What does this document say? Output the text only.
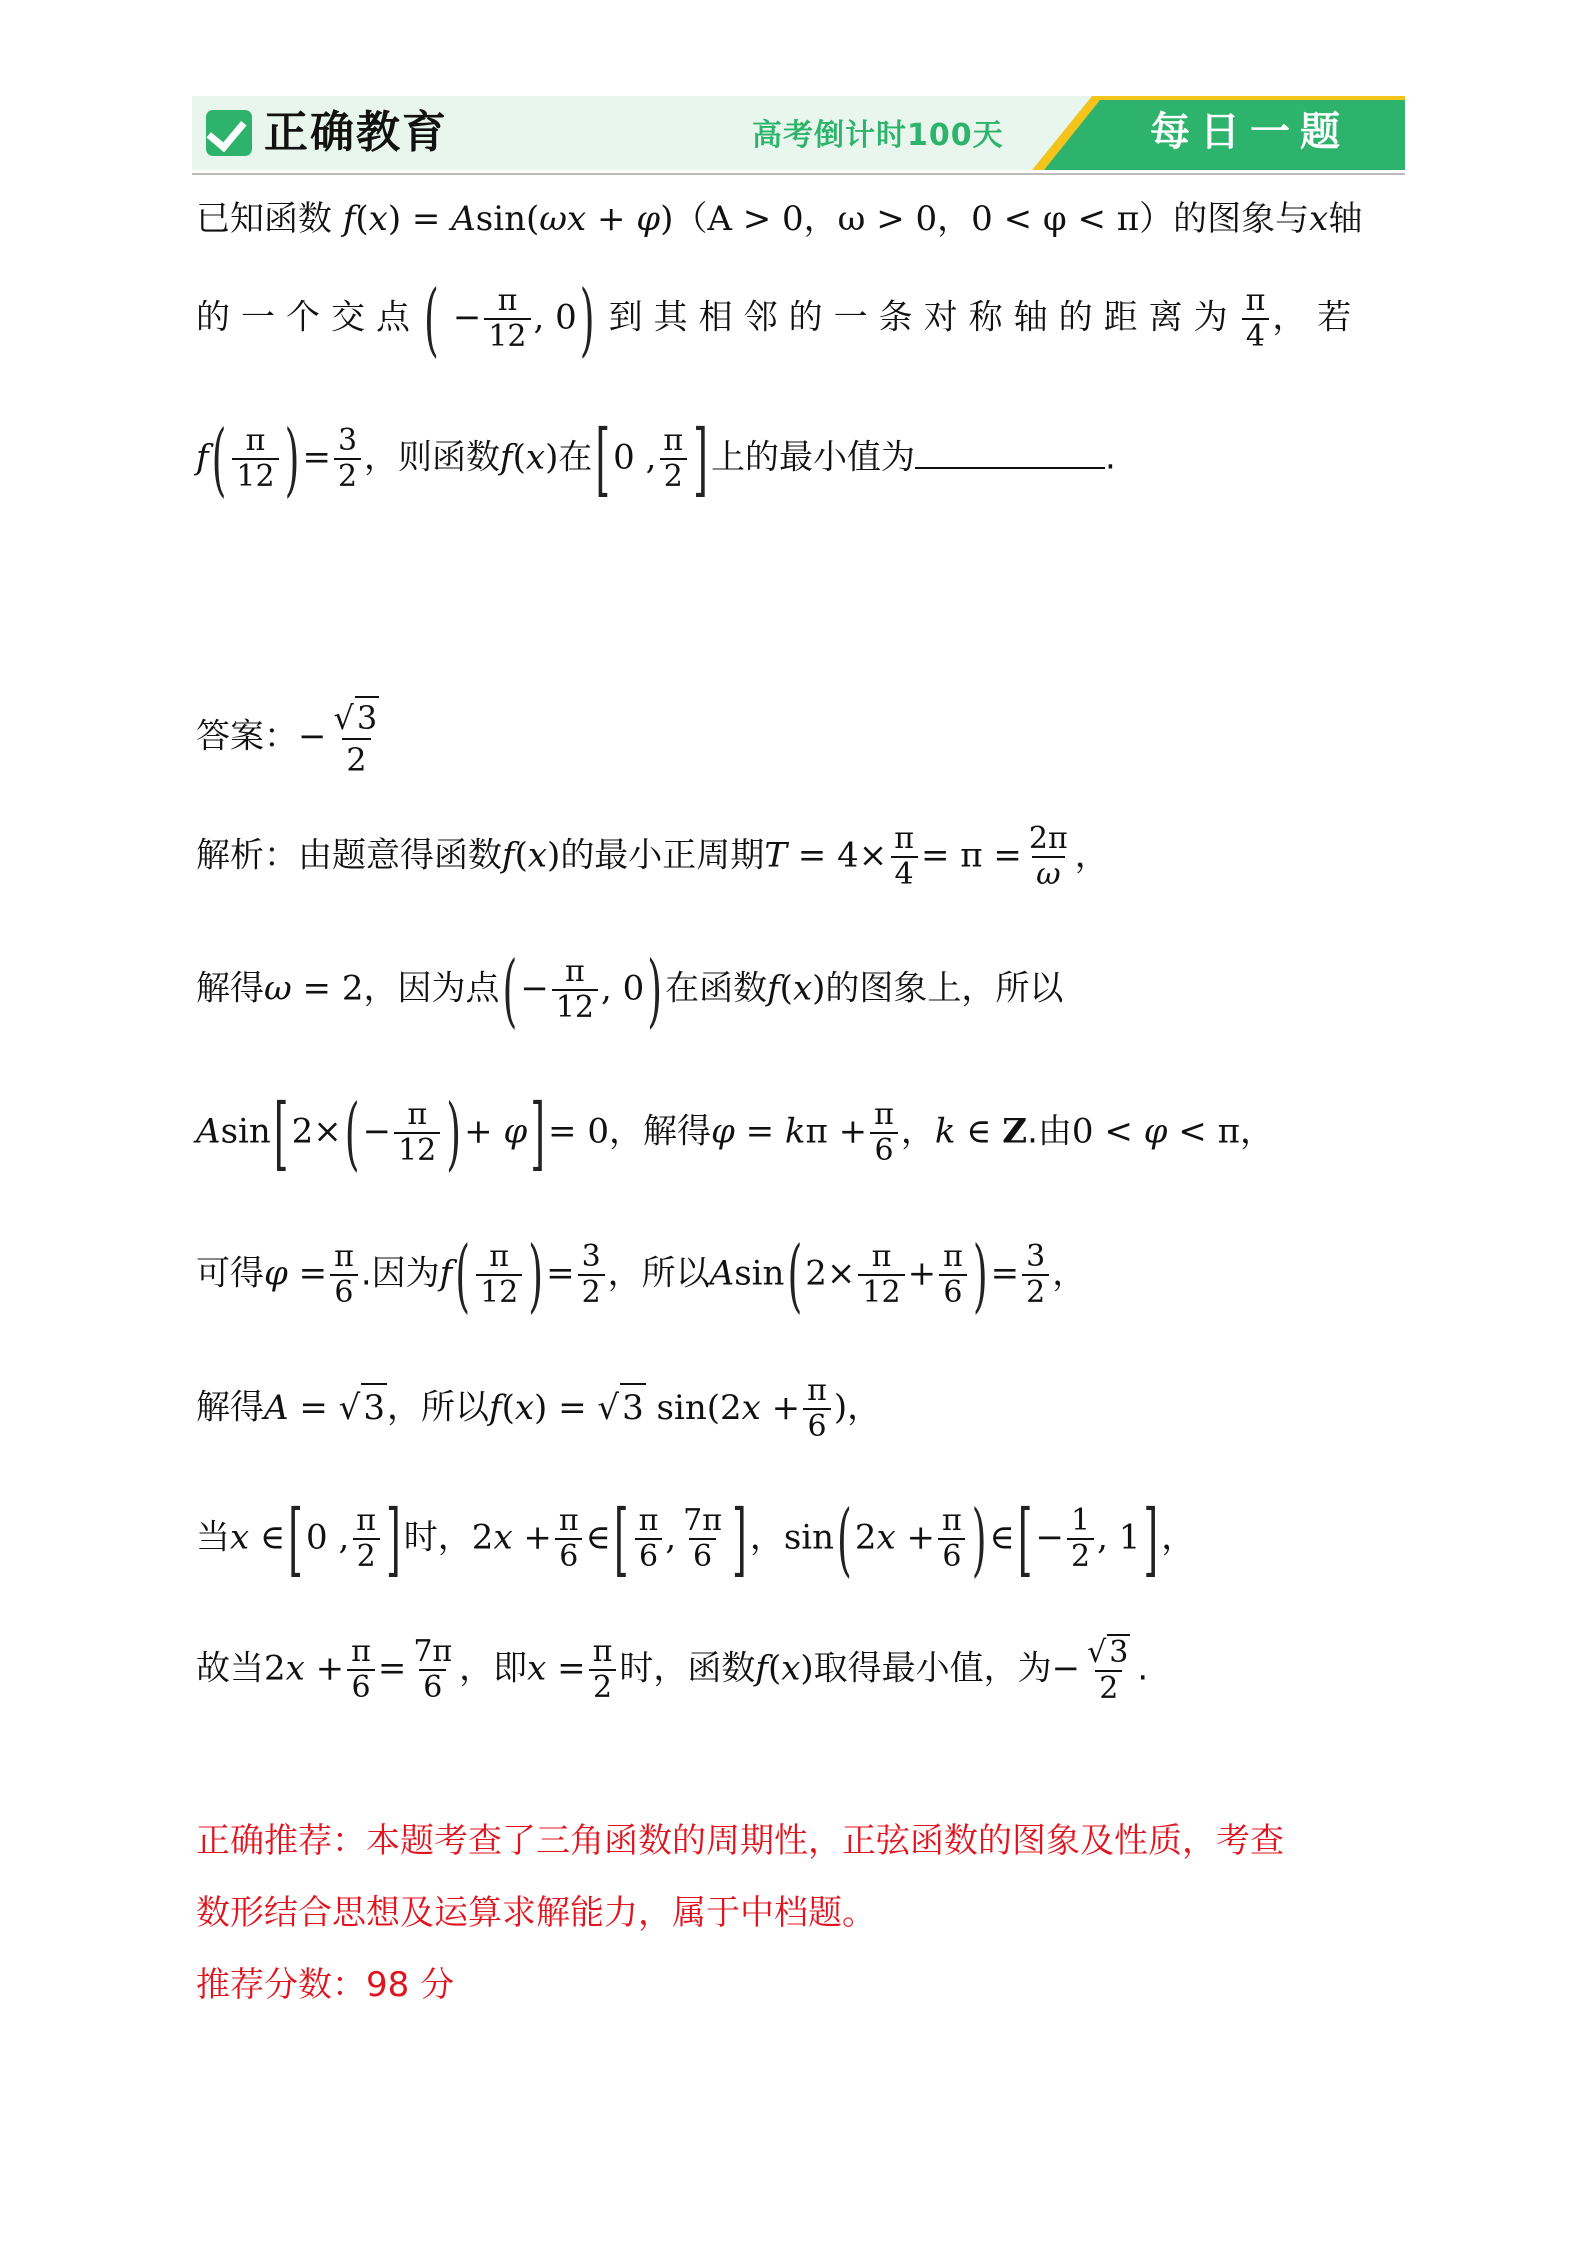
正确教育	高考倒计时100天	每日一题
已知函数 f(x) = Asin(ωx + φ)（A > 0，ω > 0，0 < φ < π）的图象与x轴
的一个交点(− $\frac{\pi}{12}$ , 0)到其相邻的一条对称轴的距离为 $\frac{\pi}{4}$ ，若
$f( \frac{\pi}{12}$ )= $\frac{3}{2}$ ，则函数f(x)在[0 , $\frac{\pi}{2}$ ]上的最小值为	.
答案：− $\frac{√3}{2}$
解析：由题意得函数f(x)的最小正周期$T = 4\times \frac{\pi}{4} = \pi = \frac{2\pi}{\omega}$ ，
解得ω = 2，因为点(− $\frac{\pi}{12}$ , 0)在函数f(x)的图象上，所以
$Asin[2\times(- \frac{\pi}{12}$ )+ φ]= 0，解得$\varphi = k\pi + \frac{\pi}{6}$ ，k ∈ Z.由0 < φ < π，
可得$\varphi = \frac{\pi}{6}$ .因为$f( \frac{\pi}{12}$ )= $\frac{3}{2}$ ，所以$Asin(2\times \frac{\pi}{12} + \frac{\pi}{6}$ )= $\frac{3}{2}$ ，
解得A = √3，所以f(x) = √3 $\sin(2x + \frac{\pi}{6}$ )，
当x ∈[0 , $\frac{\pi}{2}$ ]时，$2x + \frac{\pi}{6}$ ∈[ $\frac{\pi}{6}$ , $\frac{7\pi}{6}$ ]，$\sin(2x + \frac{\pi}{6}$ )∈[− $\frac{1}{2}$ , 1]，
故当$2x + \frac{\pi}{6} = \frac{7\pi}{6}$ ，即$x = \frac{\pi}{2}$ 时，函数f(x)取得最小值，为− $\frac{√ 3}{2}$ .
正确推荐：本题考查了三角函数的周期性，正弦函数的图象及性质，考查
数形结合思想及运算求解能力，属于中档题。
推荐分数：98 分
